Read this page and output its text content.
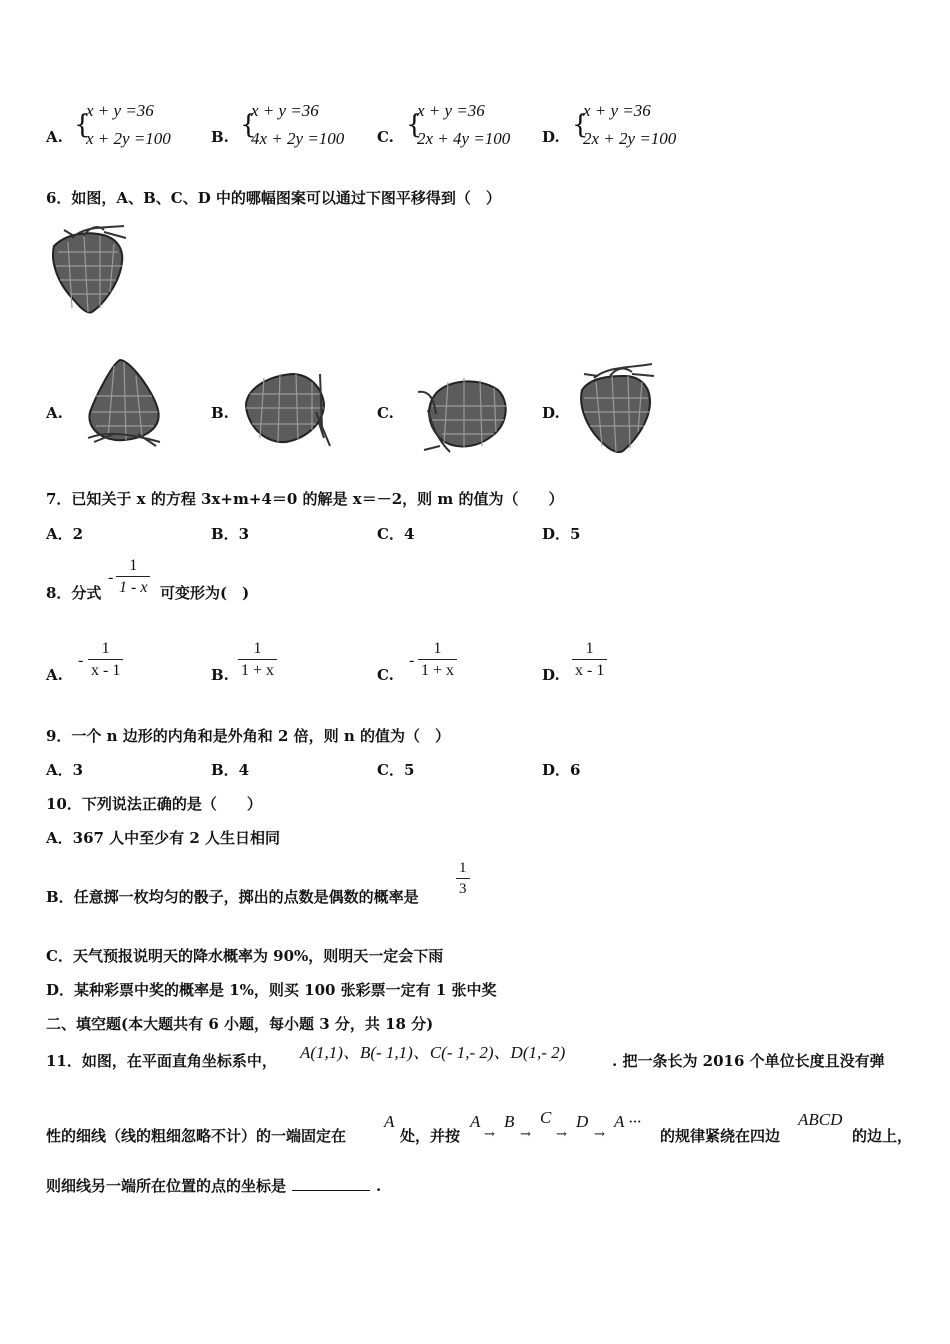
A. {
x + y =36
x + 2y =100	B. {
x + y =36
4x + 2y =100 C. {
x + y =36
2x + 4y =100 D. {
x + y =36
2x + 2y =100
6．如图，A、B、C、D 中的哪幅图案可以通过下图平移得到（　）
A.	B.	C.	D.
7．已知关于 x 的方程 3x+m+4＝0 的解是 x＝－2，则 m 的值为（　　）
A．2	B．3	C．4	D．5
8．分式
-
1
1 - x 可变形为(　)
A.
-
1
x - 1	B.
1
1 + x	C.
-
1
1 + x	D.
1
x - 1
9．一个 n 边形的内角和是外角和 2 倍，则 n 的值为（　）
A．3	B．4	C．5	D．6
10．下列说法正确的是（　　）
A．367 人中至少有 2 人生日相同
B．任意掷一枚均匀的骰子，掷出的点数是偶数的概率是
1
3
C．天气预报说明天的降水概率为 90%，则明天一定会下雨
D．某种彩票中奖的概率是 1%，则买 100 张彩票一定有 1 张中奖
二、填空题(本大题共有 6 小题，每小题 3 分，共 18 分)
11．如图，在平面直角坐标系中， A(1,1)、B(- 1,1)、C(- 1,- 2)、D(1,- 2)	. 把一条长为 2016 个单位长度且没有弹
性的细线（线的粗细忽略不计）的一端固定在
A
处，并按
A
→
B
→
C
→
D
→
A ···
的规律紧绕在四边
ABCD
的边上，
则细线另一端所在位置的点的坐标是	.
